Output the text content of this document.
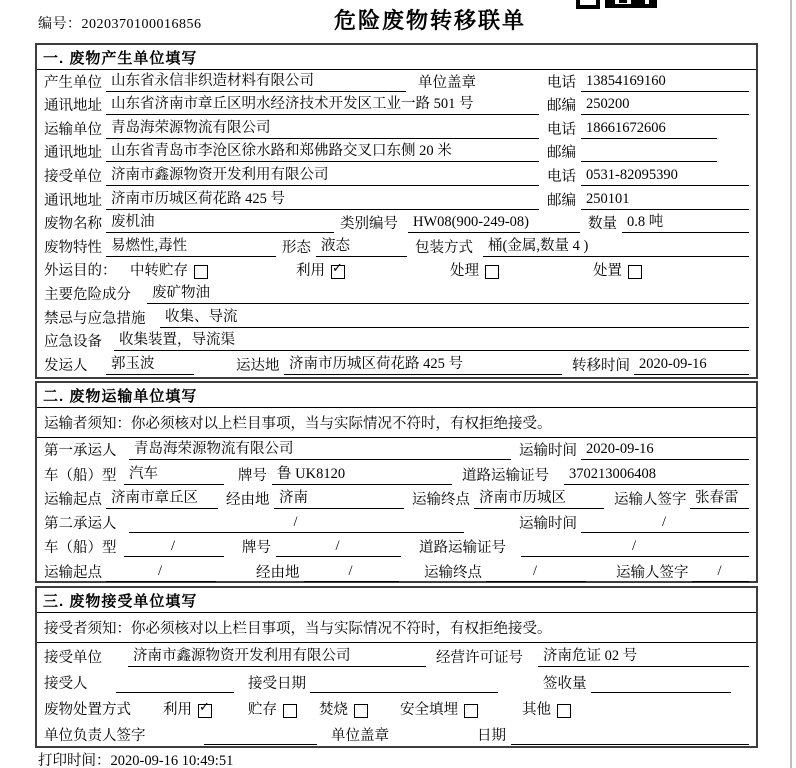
编号：2020370100016856	危险废物转移联单
一. 废物产生单位填写
产生单位 山东省永信非织造材料有限公司	单位盖章	电话 13854169160
通讯地址 山东省济南市章丘区明水经济技术开发区工业一路 501 号	邮编 250200
运输单位 青岛海荣源物流有限公司	电话 18661672606
通讯地址 山东省青岛市李沧区徐水路和郑佛路交叉口东侧 20 米	邮编
接受单位 济南市鑫源物资开发利用有限公司	电话 0531-82095390
通讯地址 济南市历城区荷花路 425 号	邮编 250101
废物名称 废机油	类别编号	HW08(900-249-08)	数量 0.8 吨
废物特性 易燃性,毒性	形态 液态	包装方式	桶(金属,数量 4 )
外运目的： 中转贮存	利用 ✓	处理	处置
主要危险成分	废矿物油
禁忌与应急措施	收集、导流
应急设备	收集装置，导流渠
发运人	郭玉波	运达地 济南市历城区荷花路 425 号	转移时间 2020-09-16
二. 废物运输单位填写
运输者须知：你必须核对以上栏目事项，当与实际情况不符时，有权拒绝接受。
第一承运人	青岛海荣源物流有限公司	运输时间 2020-09-16
车（船）型 汽车	牌号 鲁 UK8120	道路运输证号	370213006408
运输起点 济南市章丘区	经由地 济南	运输终点 济南市历城区	运输人签字 张春雷
第二承运人	/	运输时间	/
车（船）型	/	牌号	/	道路运输证号	/
运输起点	/	经由地	/	运输终点	/	运输人签字	/
三. 废物接受单位填写
接受者须知：你必须核对以上栏目事项，当与实际情况不符时，有权拒绝接受。
接受单位	济南市鑫源物资开发利用有限公司	经营许可证号	济南危证 02 号
接受人	接受日期	签收量
废物处置方式	利用 ✓	贮存	焚烧	安全填埋	其他
单位负责人签字	单位盖章	日期
打印时间：2020-09-16 10:49:51
